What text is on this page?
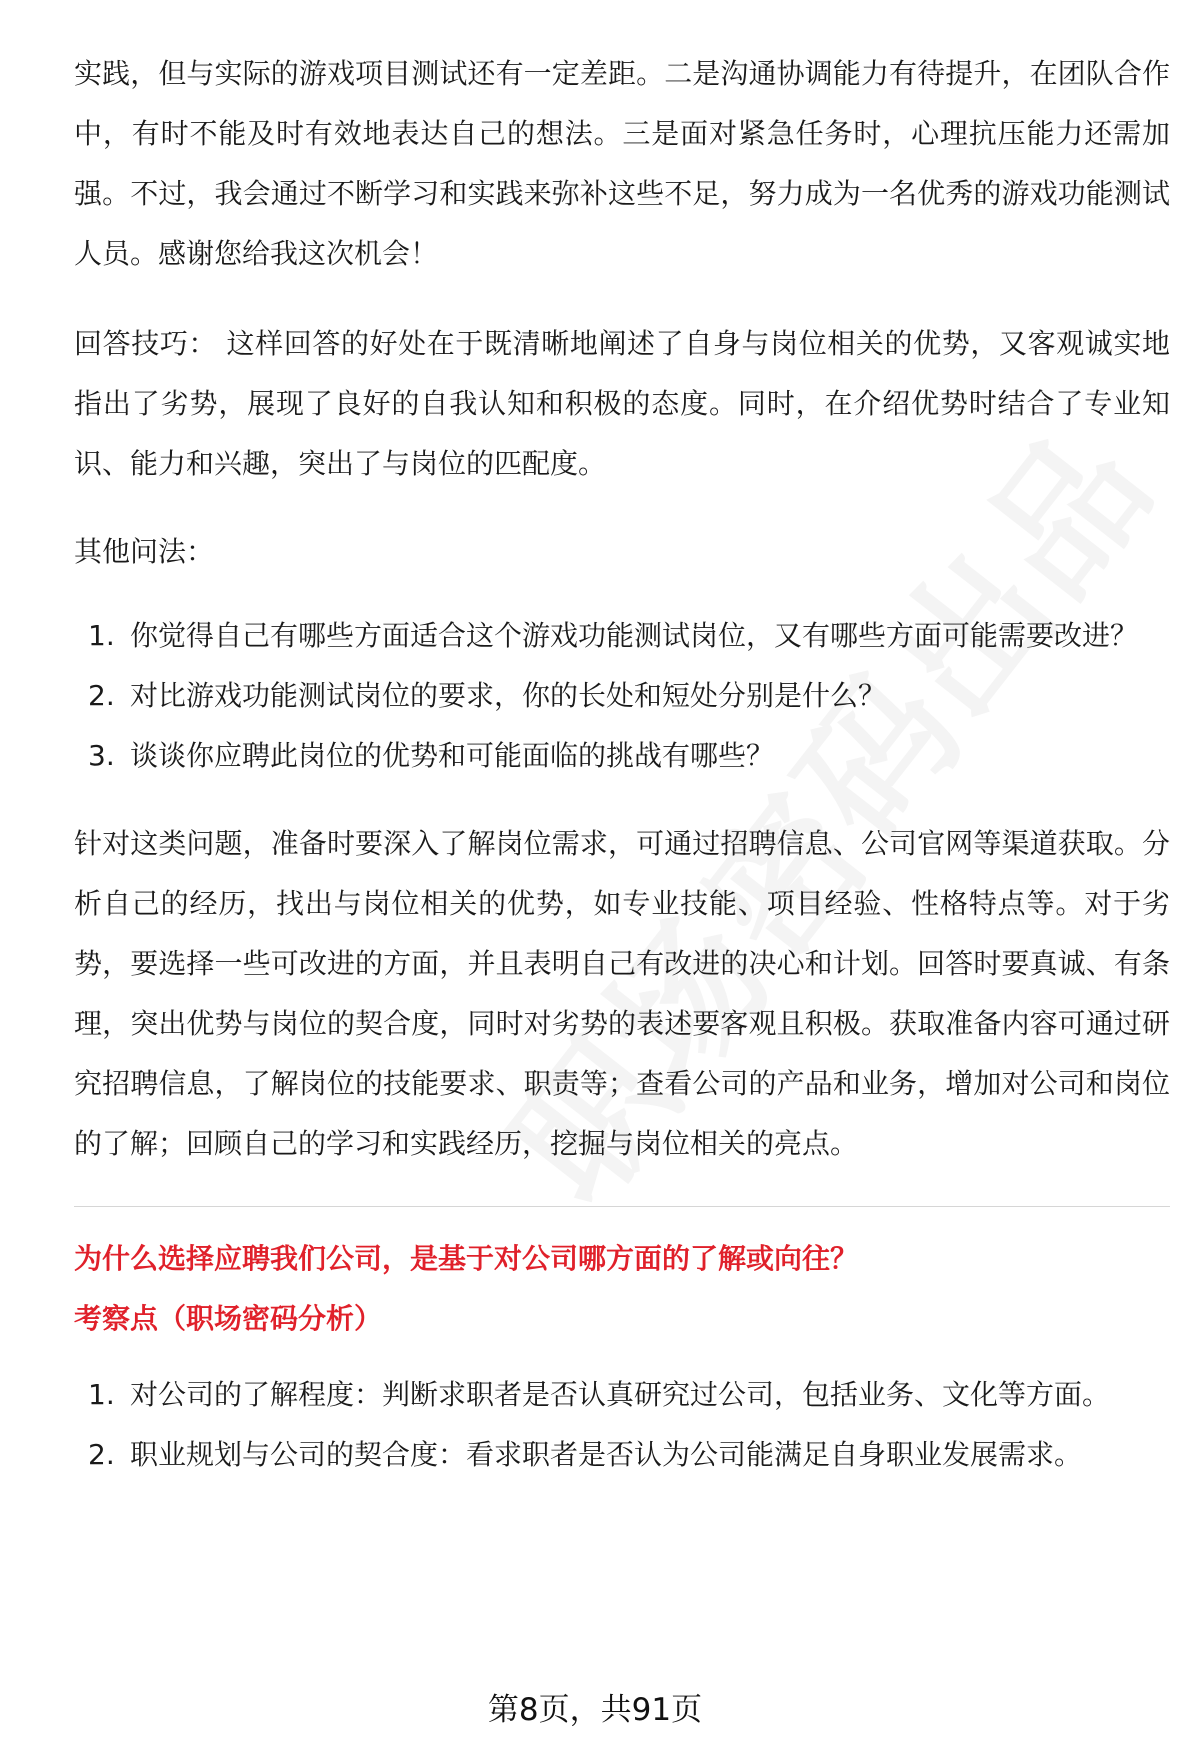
实践，但与实际的游戏项目测试还有一定差距。二是沟通协调能力有待提升，在团队合作中，有时不能及时有效地表达自己的想法。三是面对紧急任务时，心理抗压能力还需加强。不过，我会通过不断学习和实践来弥补这些不足，努力成为一名优秀的游戏功能测试人员。感谢您给我这次机会！

回答技巧： 这样回答的好处在于既清晰地阐述了自身与岗位相关的优势，又客观诚实地指出了劣势，展现了良好的自我认知和积极的态度。同时，在介绍优势时结合了专业知识、能力和兴趣，突出了与岗位的匹配度。

其他问法：

1. 你觉得自己有哪些方面适合这个游戏功能测试岗位，又有哪些方面可能需要改进？
2. 对比游戏功能测试岗位的要求，你的长处和短处分别是什么？
3. 谈谈你应聘此岗位的优势和可能面临的挑战有哪些？

针对这类问题，准备时要深入了解岗位需求，可通过招聘信息、公司官网等渠道获取。分析自己的经历，找出与岗位相关的优势，如专业技能、项目经验、性格特点等。对于劣势，要选择一些可改进的方面，并且表明自己有改进的决心和计划。回答时要真诚、有条理，突出优势与岗位的契合度，同时对劣势的表述要客观且积极。获取准备内容可通过研究招聘信息，了解岗位的技能要求、职责等；查看公司的产品和业务，增加对公司和岗位的了解；回顾自己的学习和实践经历，挖掘与岗位相关的亮点。

为什么选择应聘我们公司，是基于对公司哪方面的了解或向往？

考察点（职场密码分析）

1. 对公司的了解程度：判断求职者是否认真研究过公司，包括业务、文化等方面。
2. 职业规划与公司的契合度：看求职者是否认为公司能满足自身职业发展需求。
第8页，共91页
